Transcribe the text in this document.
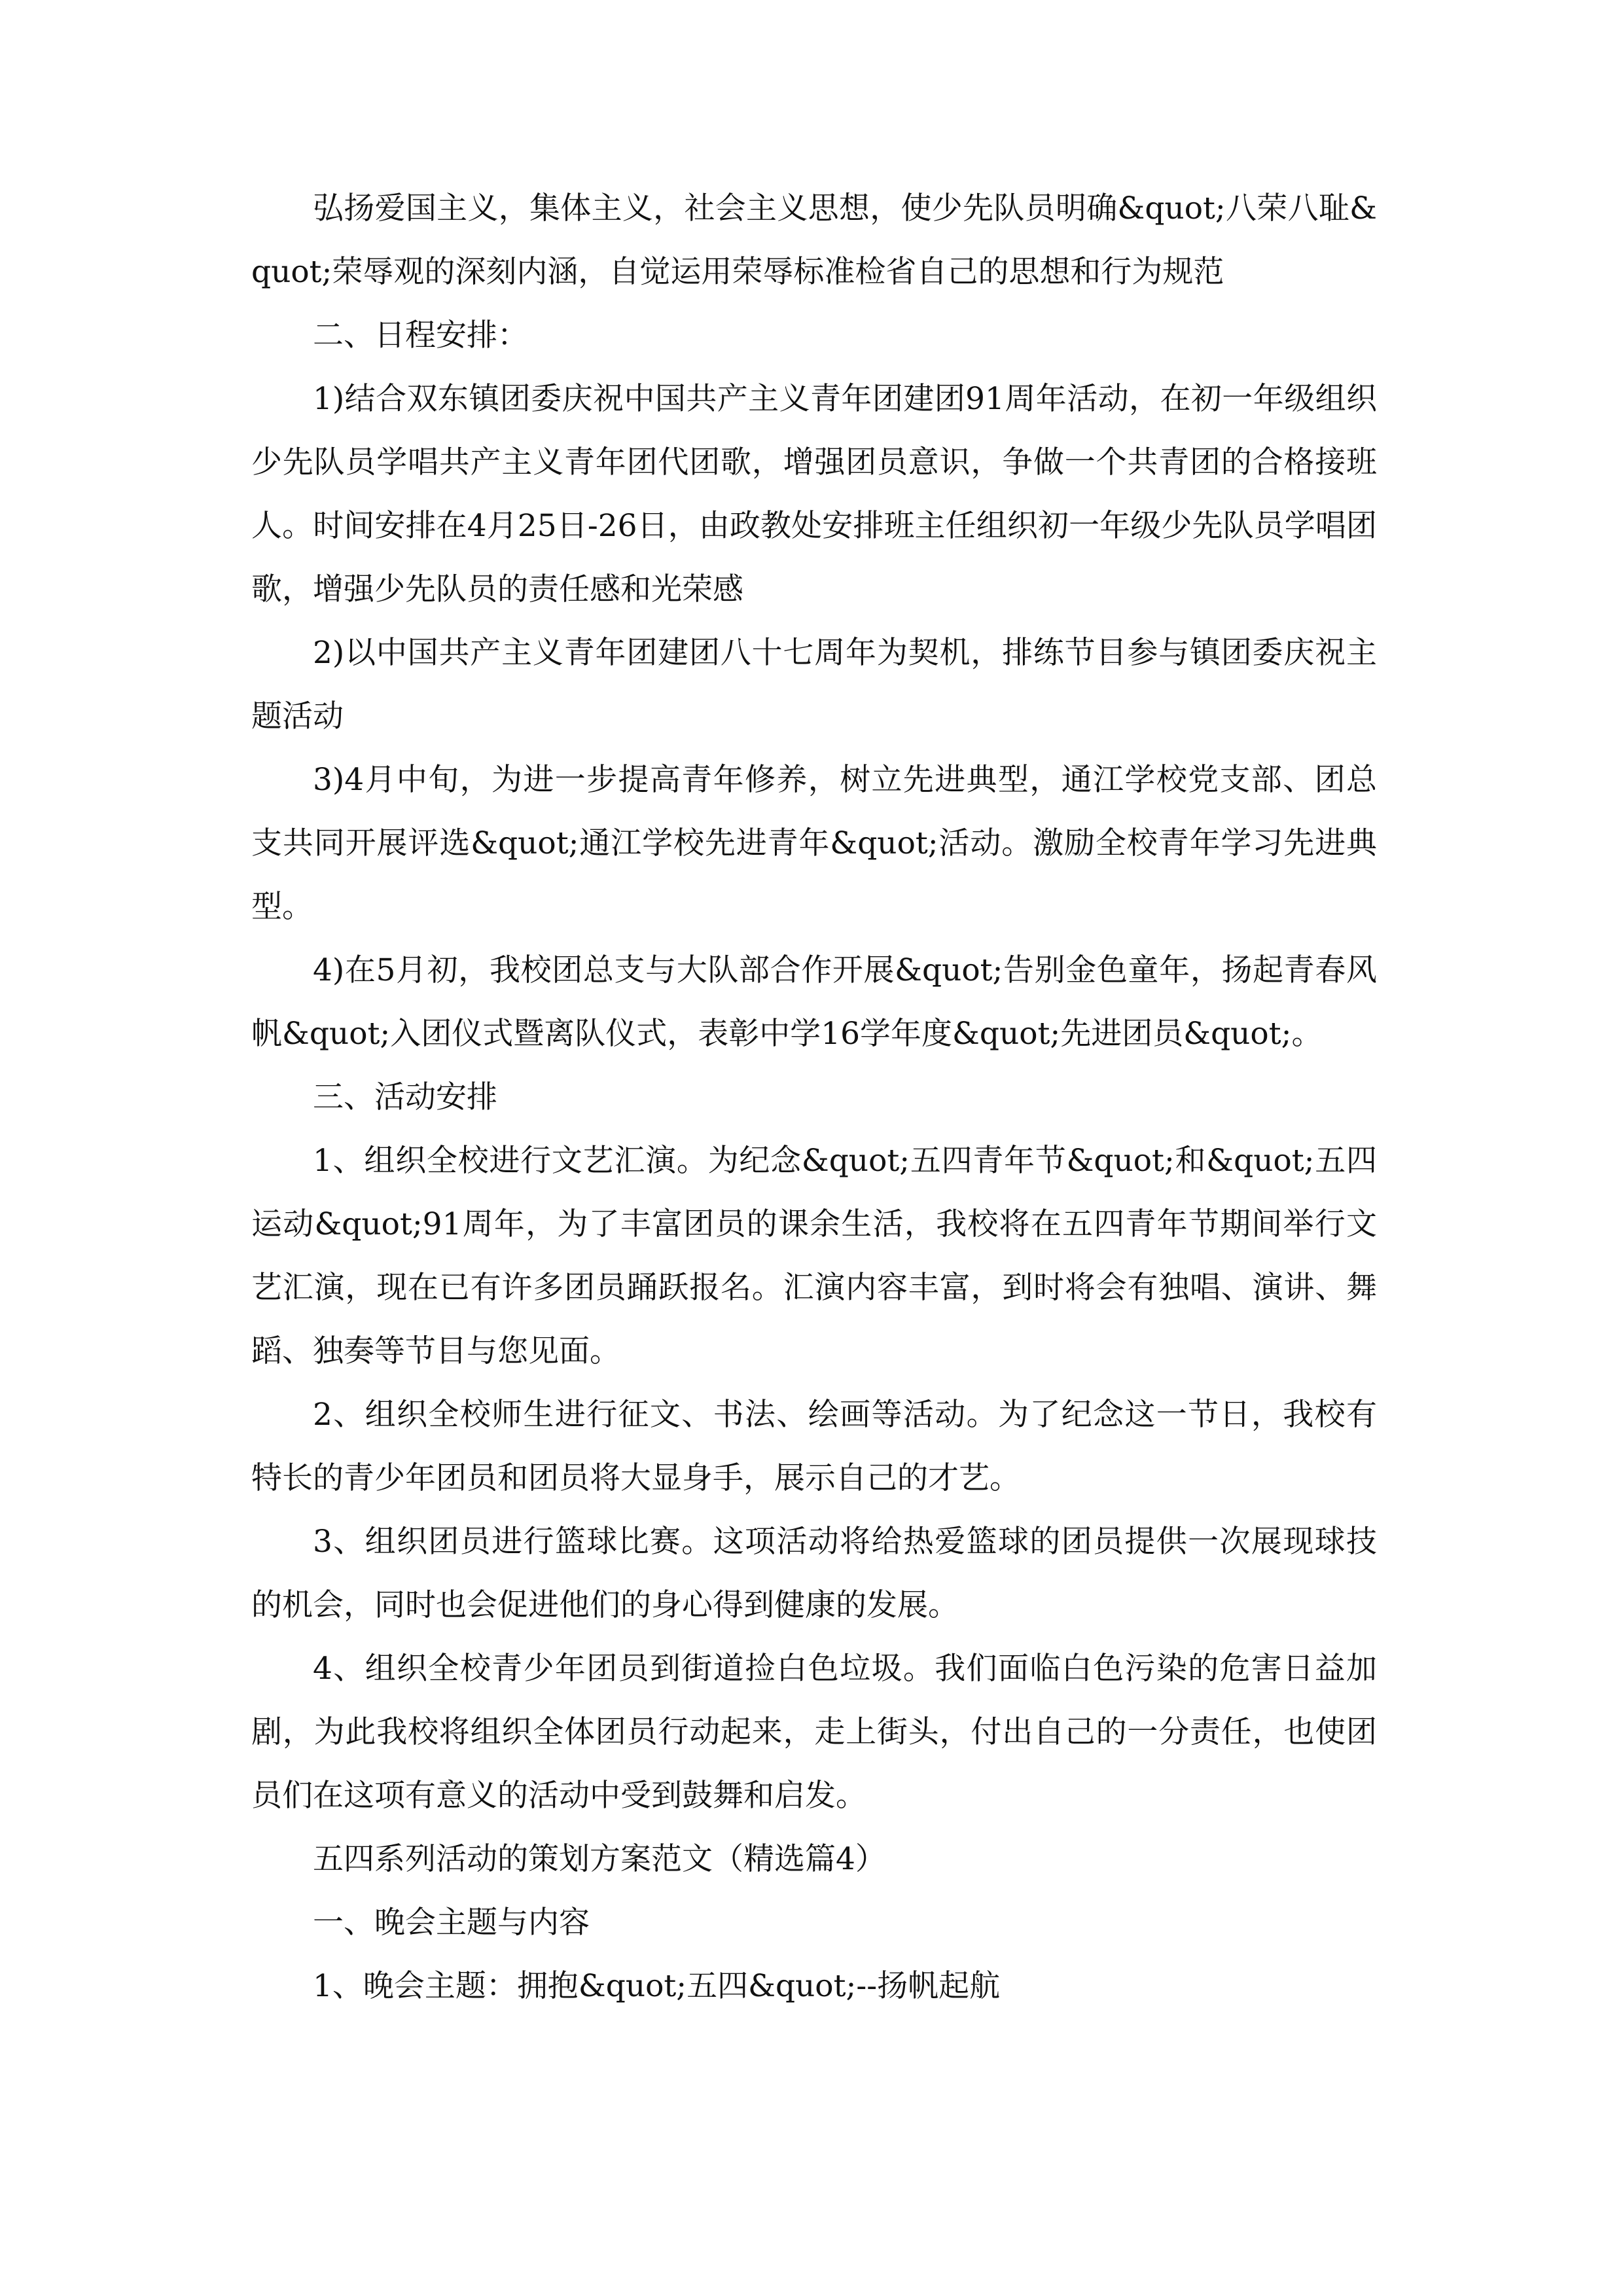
弘扬爱国主义，集体主义，社会主义思想，使少先队员明确&quot;八荣八耻&quot;荣辱观的深刻内涵，自觉运用荣辱标准检省自己的思想和行为规范

二、日程安排：

1)结合双东镇团委庆祝中国共产主义青年团建团91周年活动，在初一年级组织少先队员学唱共产主义青年团代团歌，增强团员意识，争做一个共青团的合格接班人。时间安排在4月25日-26日，由政教处安排班主任组织初一年级少先队员学唱团歌，增强少先队员的责任感和光荣感

2)以中国共产主义青年团建团八十七周年为契机，排练节目参与镇团委庆祝主题活动

3)4月中旬，为进一步提高青年修养，树立先进典型，通江学校党支部、团总支共同开展评选&quot;通江学校先进青年&quot;活动。激励全校青年学习先进典型。

4)在5月初，我校团总支与大队部合作开展&quot;告别金色童年，扬起青春风帆&quot;入团仪式暨离队仪式，表彰中学16学年度&quot;先进团员&quot;。

三、活动安排

1、组织全校进行文艺汇演。为纪念&quot;五四青年节&quot;和&quot;五四运动&quot;91周年，为了丰富团员的课余生活，我校将在五四青年节期间举行文艺汇演，现在已有许多团员踊跃报名。汇演内容丰富，到时将会有独唱、演讲、舞蹈、独奏等节目与您见面。

2、组织全校师生进行征文、书法、绘画等活动。为了纪念这一节日，我校有特长的青少年团员和团员将大显身手，展示自己的才艺。

3、组织团员进行篮球比赛。这项活动将给热爱篮球的团员提供一次展现球技的机会，同时也会促进他们的身心得到健康的发展。

4、组织全校青少年团员到街道捡白色垃圾。我们面临白色污染的危害日益加剧，为此我校将组织全体团员行动起来，走上街头，付出自己的一分责任，也使团员们在这项有意义的活动中受到鼓舞和启发。

五四系列活动的策划方案范文（精选篇4）

一、晚会主题与内容

1、晚会主题：拥抱&quot;五四&quot;--扬帆起航
